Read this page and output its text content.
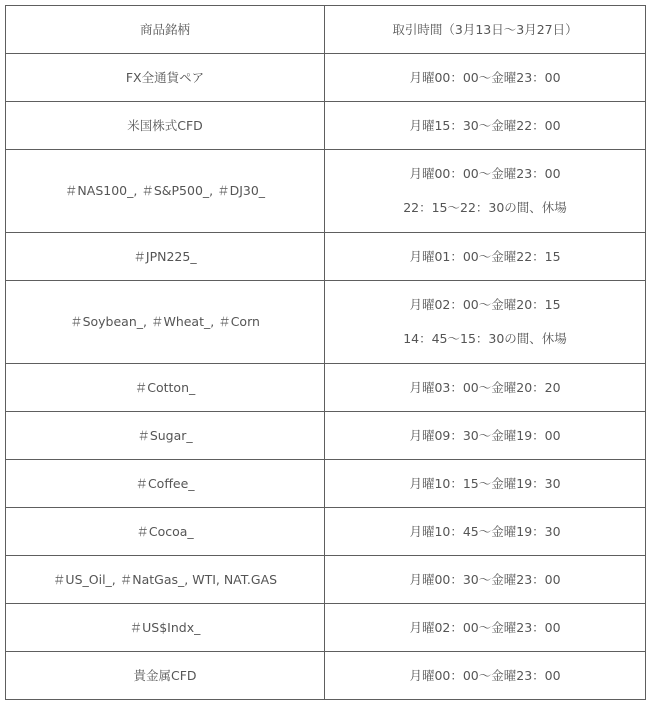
商品銘柄	取引時間（3月13日～3月27日）
FX全通貨ペア	月曜00：00～金曜23：00

米国株式CFD	月曜15：30～金曜22：00

＃NAS100_, ＃S&P500_, ＃DJ30_	月曜00：00～金曜23：00
22：15～22：30の間、休場

＃JPN225_	月曜01：00～金曜22：15

＃Soybean_, ＃Wheat_, ＃Corn	月曜02：00～金曜20：15
14：45～15：30の間、休場

＃Cotton_	月曜03：00～金曜20：20

＃Sugar_	月曜09：30～金曜19：00

＃Coffee_	月曜10：15～金曜19：30

＃Cocoa_	月曜10：45～金曜19：30

＃US_Oil_, ＃NatGas_, WTI, NAT.GAS	月曜00：30～金曜23：00

＃US$Indx_	月曜02：00～金曜23：00

貴金属CFD	月曜00：00～金曜23：00
